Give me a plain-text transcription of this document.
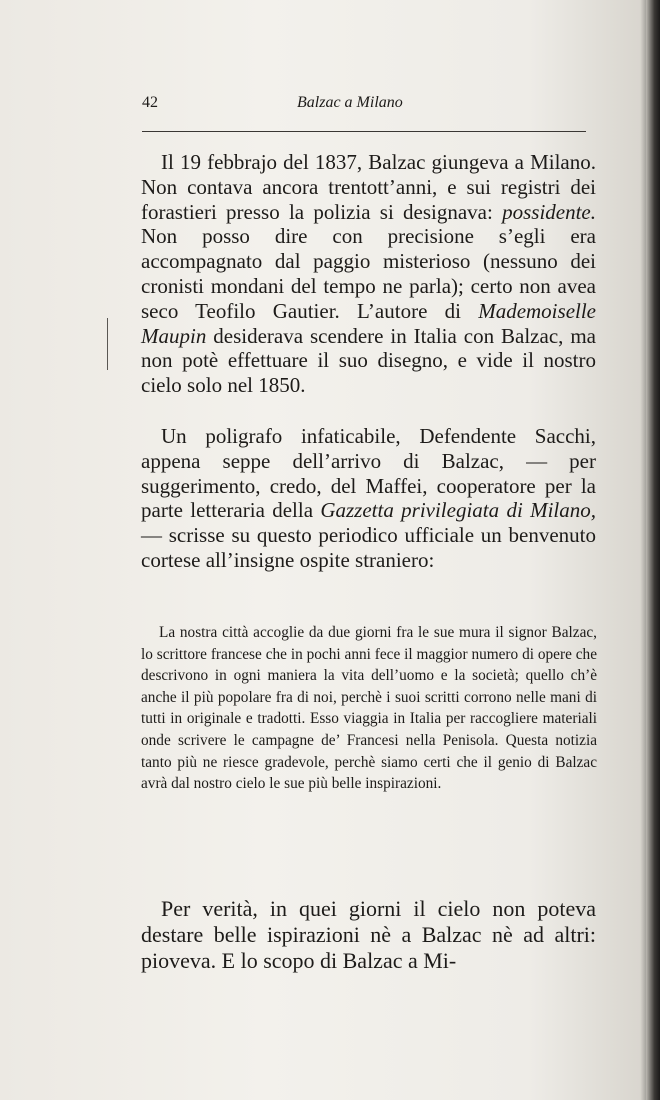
42	Balzac a Milano

Il 19 febbrajo del 1837, Balzac giungeva a Milano. Non contava ancora trentott’anni, e sui registri dei forastieri presso la polizia si designava: possidente. Non posso dire con precisione s’egli era accompagnato dal paggio misterioso (nessuno dei cronisti mondani del tempo ne parla); certo non avea seco Teofilo Gautier. L’autore di Mademoiselle Maupin desiderava scendere in Italia con Balzac, ma non potè effettuare il suo disegno, e vide il nostro cielo solo nel 1850.

Un poligrafo infaticabile, Defendente Sacchi, appena seppe dell’arrivo di Balzac, — per suggerimento, credo, del Maffei, cooperatore per la parte letteraria della Gazzetta privilegiata di Milano, — scrisse su questo periodico ufficiale un benvenuto cortese all’insigne ospite straniero:

La nostra città accoglie da due giorni fra le sue mura il signor Balzac, lo scrittore francese che in pochi anni fece il maggior numero di opere che descrivono in ogni maniera la vita dell’uomo e la società; quello ch’è anche il più popolare fra di noi, perchè i suoi scritti corrono nelle mani di tutti in originale e tradotti. Esso viaggia in Italia per raccogliere materiali onde scrivere le campagne de’ Francesi nella Penisola. Questa notizia tanto più ne riesce gradevole, perchè siamo certi che il genio di Balzac avrà dal nostro cielo le sue più belle inspirazioni.

Per verità, in quei giorni il cielo non poteva destare belle ispirazioni nè a Balzac nè ad altri: pioveva. E lo scopo di Balzac a Mi-
